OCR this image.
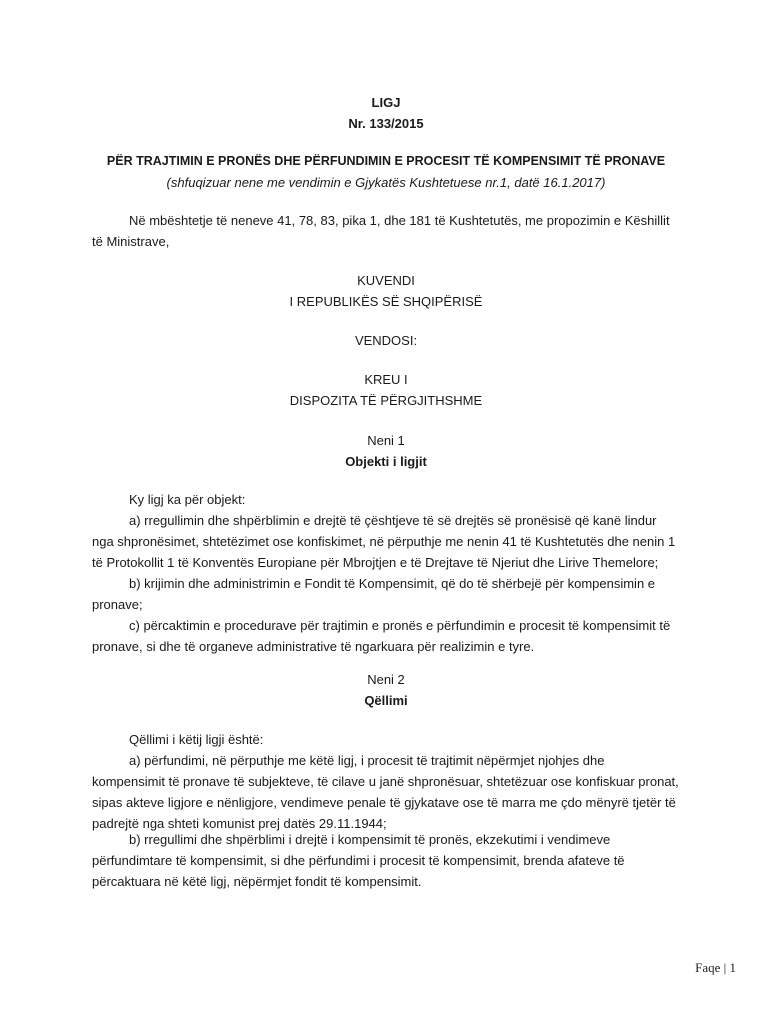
LIGJ
Nr. 133/2015
PËR TRAJTIMIN E PRONËS DHE PËRFUNDIMIN E PROCESIT TË KOMPENSIMIT TË PRONAVE
(shfuqizuar nene me vendimin e Gjykatës Kushtetuese nr.1, datë 16.1.2017)

Në mbështetje të neneve 41, 78, 83, pika 1, dhe 181 të Kushtetutës, me propozimin e Këshillit të Ministrave,

KUVENDI
I REPUBLIKËS SË SHQIPËRISË
VENDOSI:
KREU I
DISPOZITA TË PËRGJITHSHME
Neni 1
Objekti i ligjit

Ky ligj ka për objekt:

a) rregullimin dhe shpërblimin e drejtë të çështjeve të së drejtës së pronësisë që kanë lindur nga shpronësimet, shtetëzimet ose konfiskimet, në përputhje me nenin 41 të Kushtetutës dhe nenin 1 të Protokollit 1 të Konventës Europiane për Mbrojtjen e të Drejtave të Njeriut dhe Lirive Themelore;

b) krijimin dhe administrimin e Fondit të Kompensimit, që do të shërbejë për kompensimin e pronave;

c) përcaktimin e procedurave për trajtimin e pronës e përfundimin e procesit të kompensimit të pronave, si dhe të organeve administrative të ngarkuara për realizimin e tyre.

Neni 2
Qëllimi

Qëllimi i këtij ligji është:

a) përfundimi, në përputhje me këtë ligj, i procesit të trajtimit nëpërmjet njohjes dhe kompensimit të pronave të subjekteve, të cilave u janë shpronësuar, shtetëzuar ose konfiskuar pronat, sipas akteve ligjore e nënligjore, vendimeve penale të gjykatave ose të marra me çdo mënyrë tjetër të padrejtë nga shteti komunist prej datës 29.11.1944;

b) rregullimi dhe shpërblimi i drejtë i kompensimit të pronës, ekzekutimi i vendimeve përfundimtare të kompensimit, si dhe përfundimi i procesit të kompensimit, brenda afateve të përcaktuara në këtë ligj, nëpërmjet fondit të kompensimit.

Faqe | 1
